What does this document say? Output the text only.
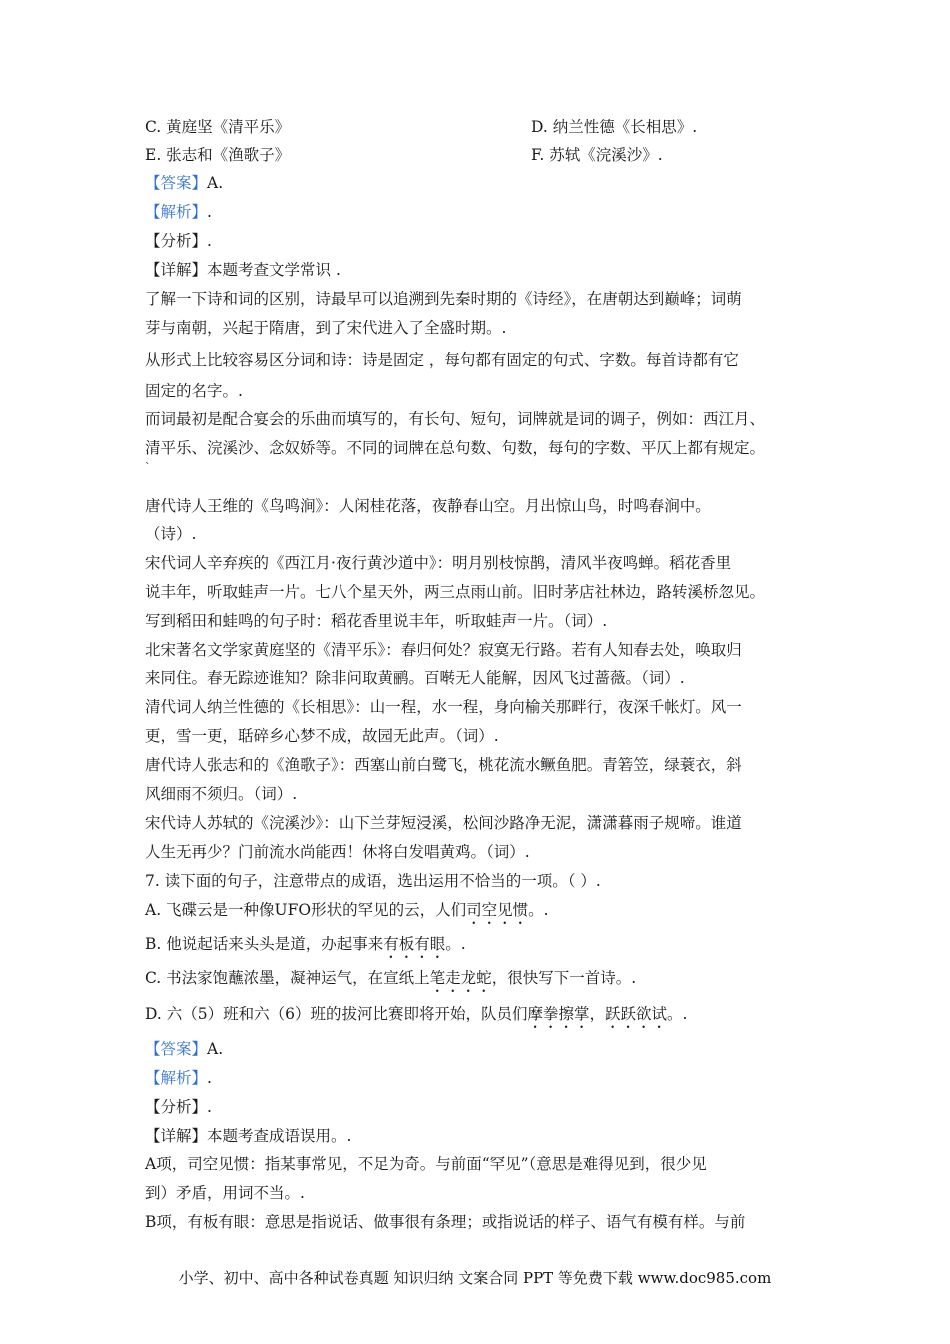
C. 黄庭坚《清平乐》	D. 纳兰性德《长相思》.
E. 张志和《渔歌子》	F. 苏轼《浣溪沙》.
【答案】A.
【解析】.
【分析】.
【详解】本题考查文学常识 .
了解一下诗和词的区别，诗最早可以追溯到先秦时期的《诗经》，在唐朝达到巅峰；词萌
芽与南朝，兴起于隋唐，到了宋代进入了全盛时期。.
从形式上比较容易区分词和诗：诗是固定 ，每句都有固定的句式、字数。每首诗都有它
固定的名字。.
而词最初是配合宴会的乐曲而填写的，有长句、短句，词牌就是词的调子，例如：西江月、
清平乐、浣溪沙、念奴娇等。不同的词牌在总句数、句数，每句的字数、平仄上都有规定。
`
唐代诗人王维的《鸟鸣涧》：人闲桂花落，夜静春山空。月出惊山鸟，时鸣春涧中。
（诗）.
宋代词人辛弃疾的《西江月·夜行黄沙道中》：明月别枝惊鹊，清风半夜鸣蝉。稻花香里
说丰年，听取蛙声一片。七八个星天外，两三点雨山前。旧时茅店社林边，路转溪桥忽见。
写到稻田和蛙鸣的句子时：稻花香里说丰年，听取蛙声一片。（词）.
北宋著名文学家黄庭坚的《清平乐》：春归何处？寂寞无行路。若有人知春去处，唤取归
来同住。春无踪迹谁知？除非问取黄鹂。百啭无人能解，因风飞过蔷薇。（词）.
清代词人纳兰性德的《长相思》：山一程，水一程，身向榆关那畔行，夜深千帐灯。风一
更，雪一更，聒碎乡心梦不成，故园无此声。（词）.
唐代诗人张志和的《渔歌子》：西塞山前白鹭飞，桃花流水鳜鱼肥。青箬笠，绿蓑衣，斜
风细雨不须归。（词）.
宋代诗人苏轼的《浣溪沙》：山下兰芽短浸溪，松间沙路净无泥，潇潇暮雨子规啼。谁道
人生无再少？门前流水尚能西！休将白发唱黄鸡。（词）.
7. 读下面的句子，注意带点的成语，选出运用不恰当的一项。（ ）.
A. 飞碟云是一种像UFO形状的罕见的云，人们司空见惯。.
B. 他说起话来头头是道，办起事来有板有眼。.
C. 书法家饱蘸浓墨，凝神运气，在宣纸上笔走龙蛇，很快写下一首诗。.
D. 六（5）班和六（6）班的拔河比赛即将开始，队员们摩拳擦掌，跃跃欲试。.
【答案】A.
【解析】.
【分析】.
【详解】本题考查成语误用。.
A项，司空见惯：指某事常见，不足为奇。与前面“罕见”（意思是难得见到，很少见
到）矛盾，用词不当。.
B项，有板有眼：意思是指说话、做事很有条理；或指说话的样子、语气有模有样。与前
小学、初中、高中各种试卷真题 知识归纳 文案合同 PPT 等免费下载 www.doc985.com
